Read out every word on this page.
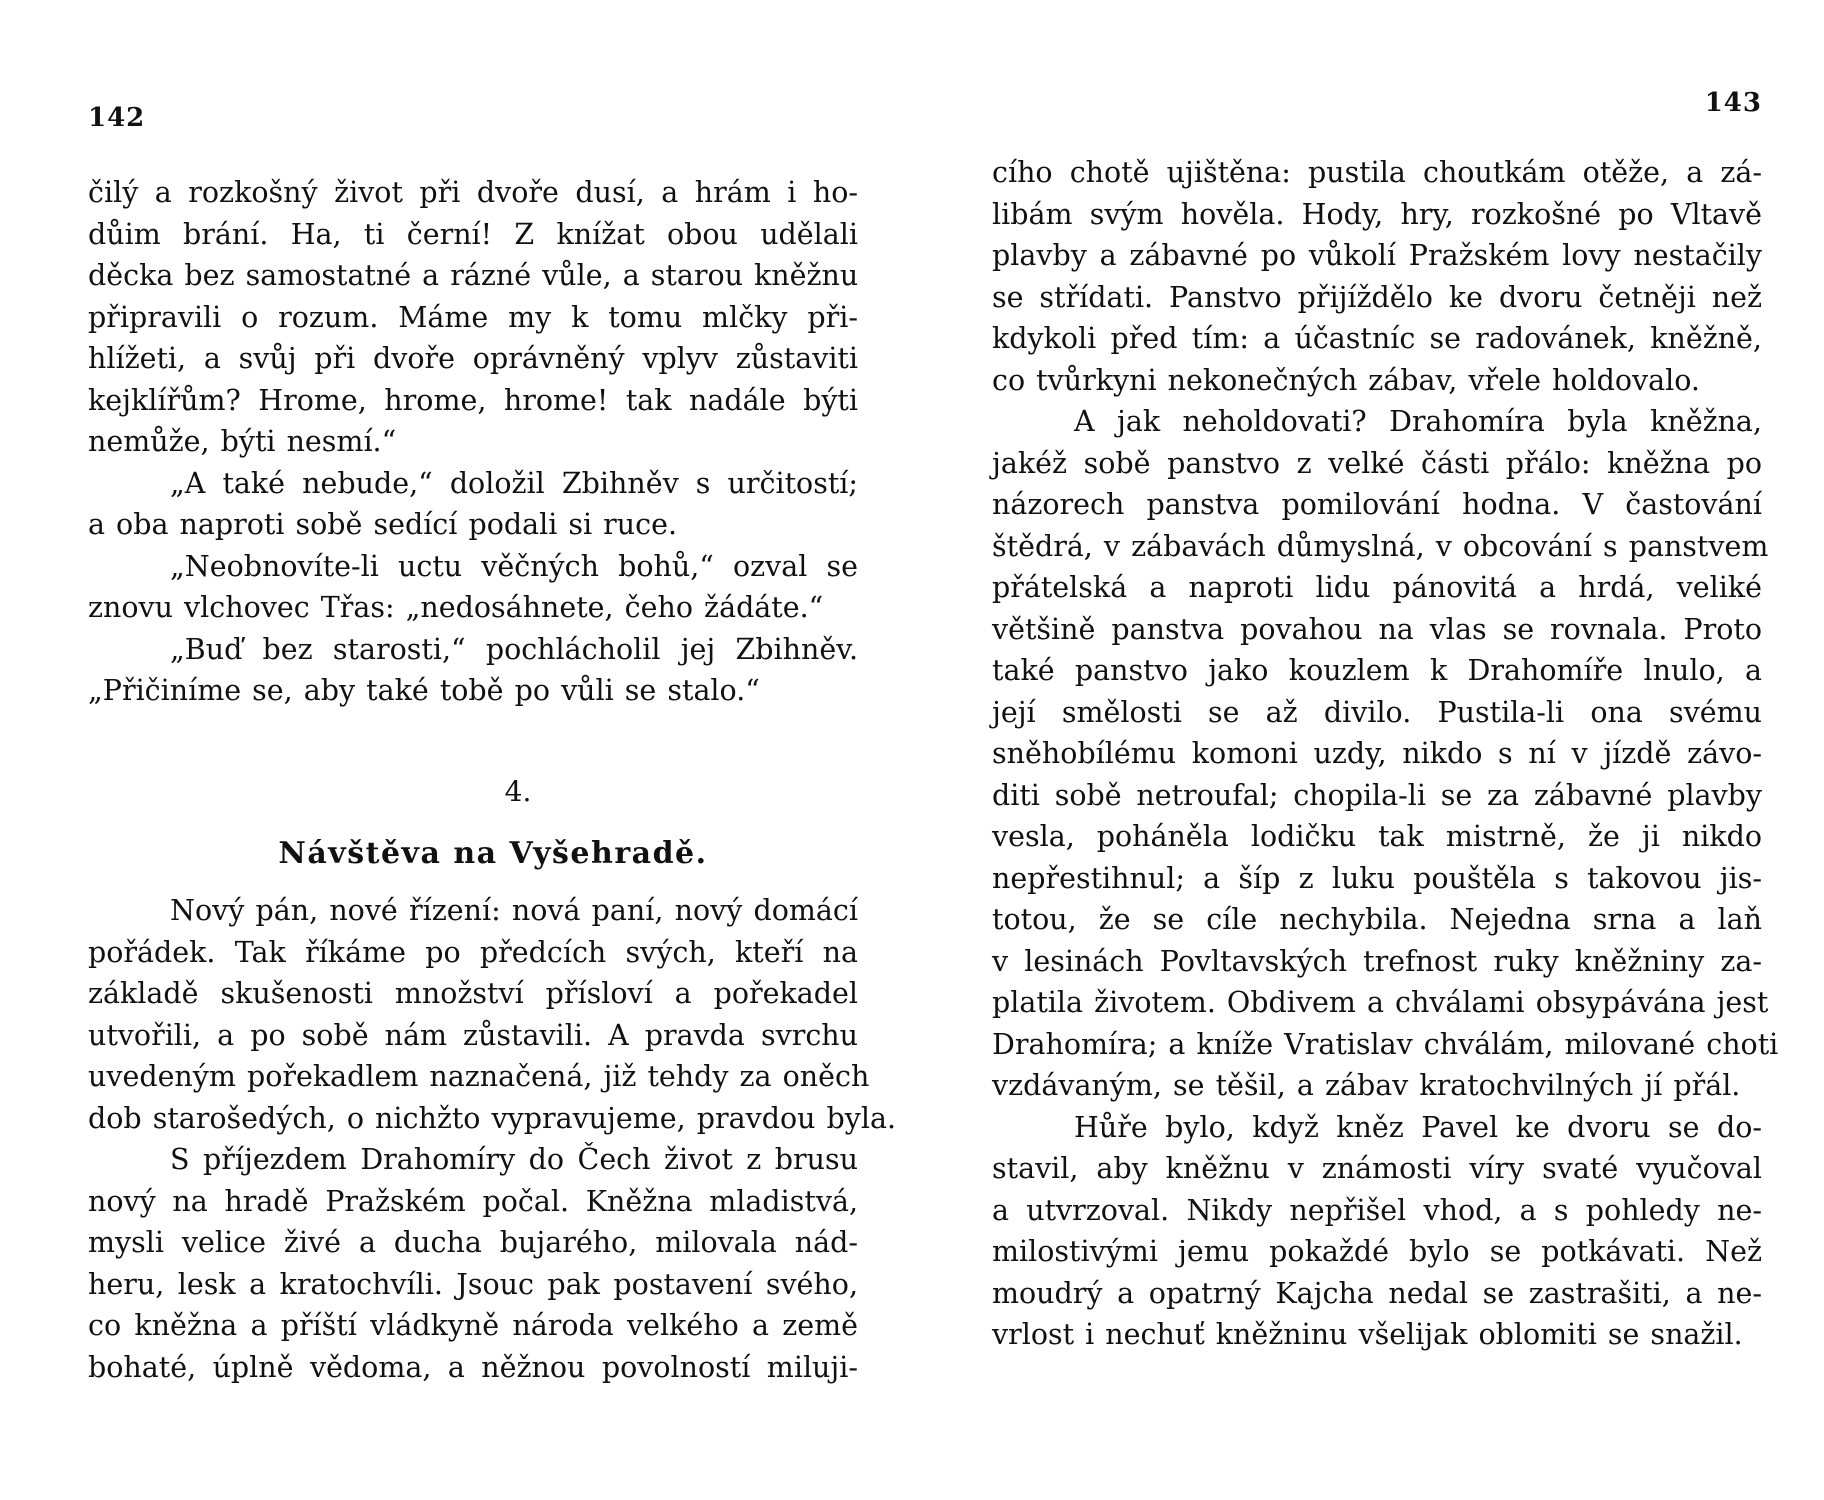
142
čilý a rozkošný život při dvoře dusí, a hrám i ho-
důim brání. Ha, ti černí! Z knížat obou udělali
děcka bez samostatné a rázné vůle, a starou kněžnu
připravili o rozum. Máme my k tomu mlčky při-
hlížeti, a svůj při dvoře oprávněný vplyv zůstaviti
kejklířům? Hrome, hrome, hrome! tak nadále býti
nemůže, býti nesmí.“
„A také nebude,“ doložil Zbihněv s určitostí;
a oba naproti sobě sedící podali si ruce.
„Neobnovíte-li uctu věčných bohů,“ ozval se
znovu vlchovec Třas: „nedosáhnete, čeho žádáte.“
„Buď bez starosti,“ pochlácholil jej Zbihněv.
„Přičiníme se, aby také tobě po vůli se stalo.“
4.
Návštěva na Vyšehradě.
Nový pán, nové řízení: nová paní, nový domácí
pořádek. Tak říkáme po předcích svých, kteří na
základě skušenosti množství přísloví a pořekadel
utvořili, a po sobě nám zůstavili. A pravda svrchu
uvedeným pořekadlem naznačená, již tehdy za oněch
dob starošedých, o nichžto vypravujeme, pravdou byla.
S příjezdem Drahomíry do Čech život z brusu
nový na hradě Pražském počal. Kněžna mladistvá,
mysli velice živé a ducha bujarého, milovala nád-
heru, lesk a kratochvíli. Jsouc pak postavení svého,
co kněžna a příští vládkyně národa velkého a země
bohaté, úplně vědoma, a něžnou povolností miluji-
143
cího chotě ujištěna: pustila choutkám otěže, a zá-
libám svým hověla. Hody, hry, rozkošné po Vltavě
plavby a zábavné po vůkolí Pražském lovy nestačily
se střídati. Panstvo přijíždělo ke dvoru četněji než
kdykoli před tím: a účastníc se radovánek, kněžně,
co tvůrkyni nekonečných zábav, vřele holdovalo.
A jak neholdovati? Drahomíra byla kněžna,
jakéž sobě panstvo z velké části přálo: kněžna po
názorech panstva pomilování hodna. V častování
štědrá, v zábavách důmyslná, v obcování s panstvem
přátelská a naproti lidu pánovitá a hrdá, veliké
většině panstva povahou na vlas se rovnala. Proto
také panstvo jako kouzlem k Drahomíře lnulo, a
její smělosti se až divilo. Pustila-li ona svému
sněhobílému komoni uzdy, nikdo s ní v jízdě závo-
diti sobě netroufal; chopila-li se za zábavné plavby
vesla, poháněla lodičku tak mistrně, že ji nikdo
nepřestihnul; a šíp z luku pouštěla s takovou jis-
totou, že se cíle nechybila. Nejedna srna a laň
v lesinách Povltavských trefnost ruky kněžniny za-
platila životem. Obdivem a chválami obsypávána jest
Drahomíra; a kníže Vratislav chválám, milované choti
vzdávaným, se těšil, a zábav kratochvilných jí přál.
Hůře bylo, když kněz Pavel ke dvoru se do-
stavil, aby kněžnu v známosti víry svaté vyučoval
a utvrzoval. Nikdy nepřišel vhod, a s pohledy ne-
milostivými jemu pokaždé bylo se potkávati. Než
moudrý a opatrný Kajcha nedal se zastrašiti, a ne-
vrlost i nechuť kněžninu všelijak oblomiti se snažil.
